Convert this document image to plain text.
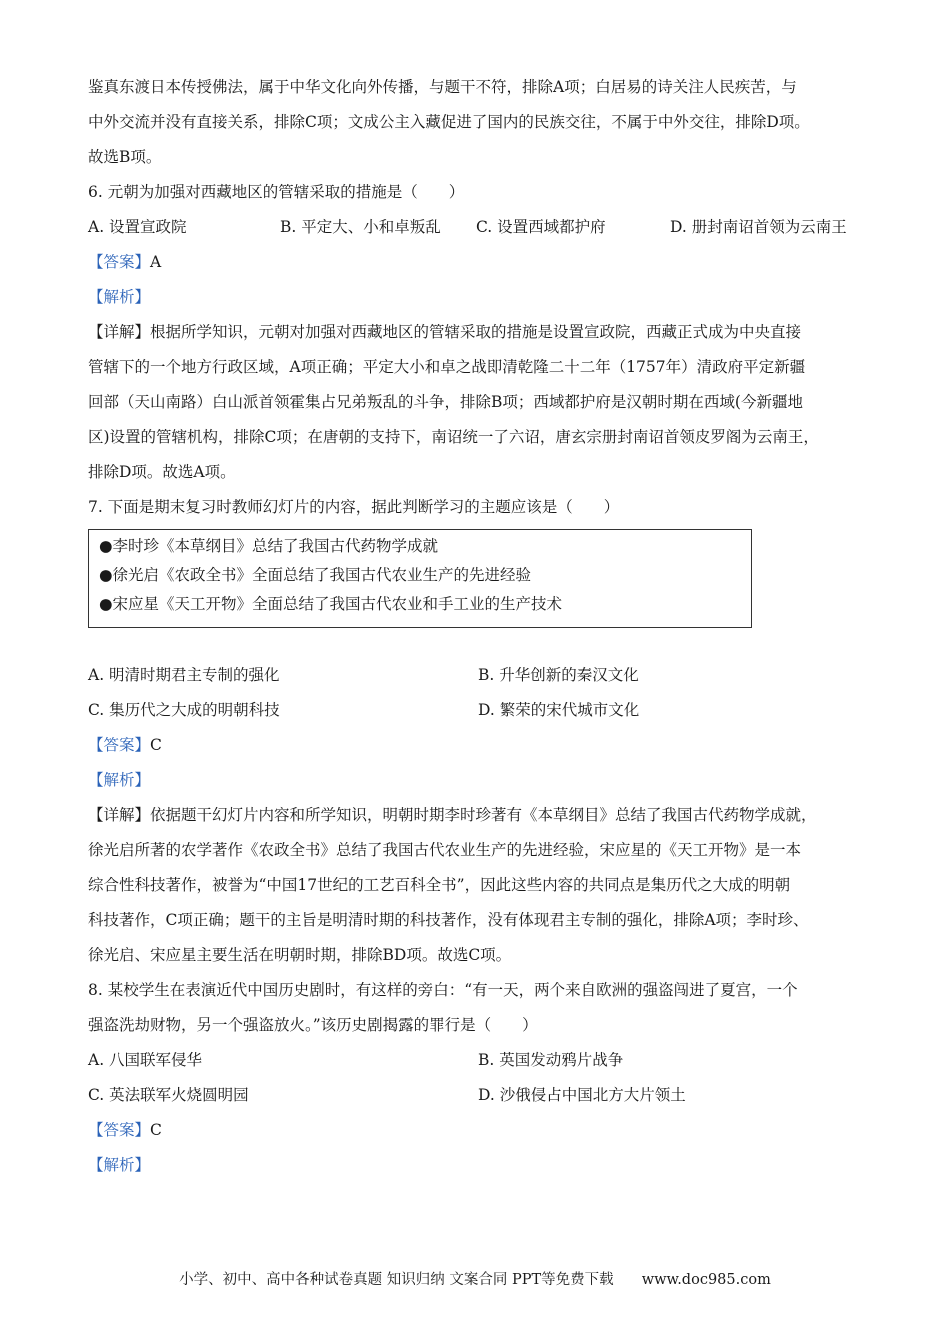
鉴真东渡日本传授佛法，属于中华文化向外传播，与题干不符，排除A项；白居易的诗关注人民疾苦，与

中外交流并没有直接关系，排除C项；文成公主入藏促进了国内的民族交往，不属于中外交往，排除D项。

故选B项。

6. 元朝为加强对西藏地区的管辖采取的措施是（　　）

A. 设置宣政院	B. 平定大、小和卓叛乱	C. 设置西域都护府	D. 册封南诏首领为云南王

【答案】A

【解析】

【详解】根据所学知识，元朝对加强对西藏地区的管辖采取的措施是设置宣政院，西藏正式成为中央直接

管辖下的一个地方行政区域，A项正确；平定大小和卓之战即清乾隆二十二年（1757年）清政府平定新疆

回部（天山南路）白山派首领霍集占兄弟叛乱的斗争，排除B项；西域都护府是汉朝时期在西域(今新疆地

区)设置的管辖机构，排除C项；在唐朝的支持下，南诏统一了六诏，唐玄宗册封南诏首领皮罗阁为云南王，

排除D项。故选A项。

7. 下面是期末复习时教师幻灯片的内容，据此判断学习的主题应该是（　　）

●李时珍《本草纲目》总结了我国古代药物学成就

●徐光启《农政全书》全面总结了我国古代农业生产的先进经验

●宋应星《天工开物》全面总结了我国古代农业和手工业的生产技术

A. 明清时期君主专制的强化	B. 升华创新的秦汉文化
C. 集历代之大成的明朝科技	D. 繁荣的宋代城市文化

【答案】C

【解析】

【详解】依据题干幻灯片内容和所学知识，明朝时期李时珍著有《本草纲目》总结了我国古代药物学成就，

徐光启所著的农学著作《农政全书》总结了我国古代农业生产的先进经验，宋应星的《天工开物》是一本

综合性科技著作，被誉为“中国17世纪的工艺百科全书”，因此这些内容的共同点是集历代之大成的明朝

科技著作，C项正确；题干的主旨是明清时期的科技著作，没有体现君主专制的强化，排除A项；李时珍、

徐光启、宋应星主要生活在明朝时期，排除BD项。故选C项。

8. 某校学生在表演近代中国历史剧时，有这样的旁白：“有一天，两个来自欧洲的强盗闯进了夏宫，一个

强盗洗劫财物，另一个强盗放火。”该历史剧揭露的罪行是（　　）

A. 八国联军侵华	B. 英国发动鸦片战争
C. 英法联军火烧圆明园	D. 沙俄侵占中国北方大片领土

【答案】C

【解析】

小学、初中、高中各种试卷真题 知识归纳 文案合同 PPT等免费下载 www.doc985.com
